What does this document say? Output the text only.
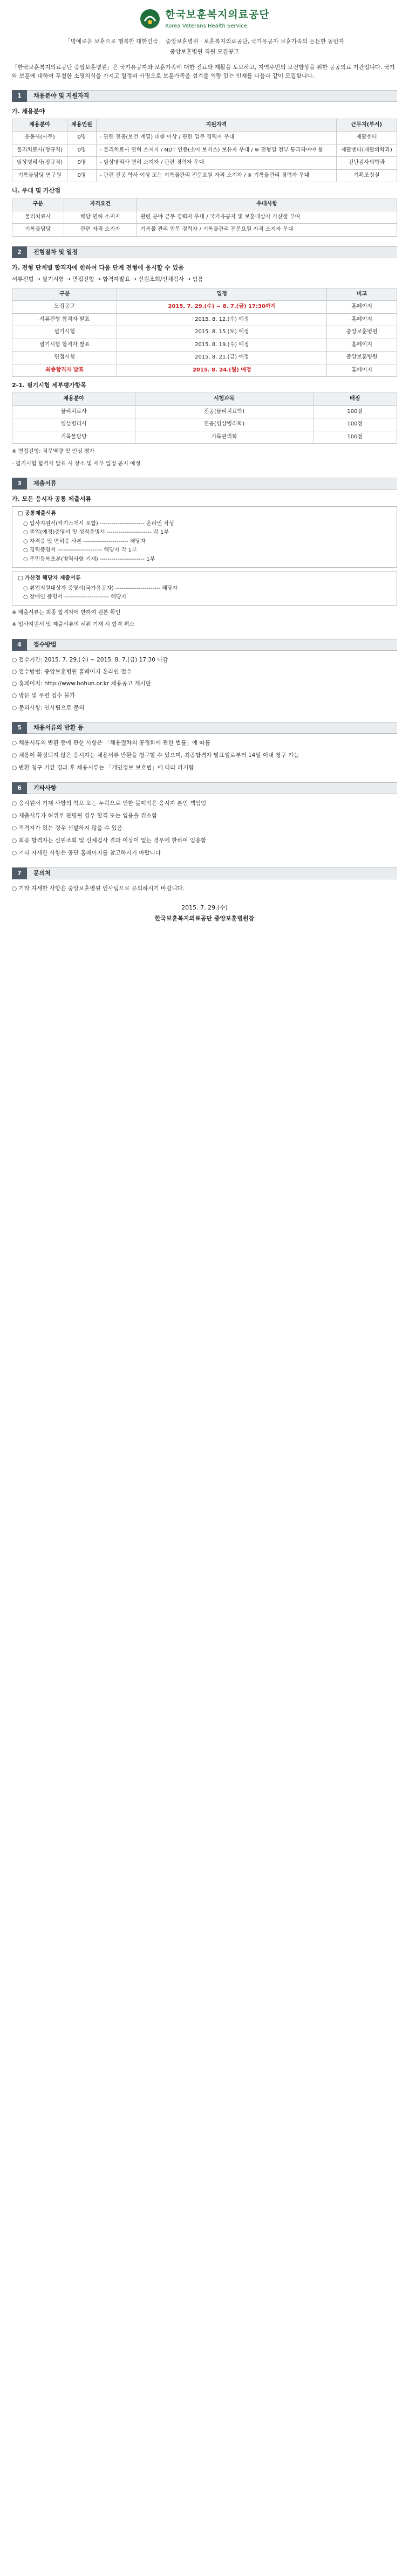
한국보훈복지의료공단
Korea Veterans Health Service
「명예로운 보훈으로 행복한 대한민국」 중앙보훈병원 · 보훈복지의료공단, 국가유공자 보훈가족의 든든한 동반자
중앙보훈병원 직원 모집공고
「한국보훈복지의료공단 중앙보훈병원」은 국가유공자와 보훈가족에 대한 진료와 재활을 도모하고, 지역주민의 보건향상을 위한 공공의료 기관입니다. 국가와 보훈에 대하여 투철한 소명의식을 가지고 열정과 사명으로 보훈가족을 섬겨줄 역량 있는 인재를 다음과 같이 모집합니다.
1	채용분야 및 지원자격
가. 채용분야
채용분야	채용인원	지원자격	근무지(부서)
운동사(사무)	0명	- 관련 전공(보건 계열) 대졸 이상 / 관련 업무 경력자 우대	재활센터
물리치료사(정규직)	0명	- 물리치료사 면허 소지자 / NDT 인증(소아 보바스) 보유자 우대 / ※ 전형별 전부 통과하여야 함	재활센터(재활의학과)
임상병리사(정규직)	0명	- 임상병리사 면허 소지자 / 관련 경력자 우대	진단검사의학과
기록물담당 연구원	0명	- 관련 전공 학사 이상 또는 기록물관리 전문요원 자격 소지자 / ※ 기록물관리 경력자 우대	기획조정실
나. 우대 및 가산점
구분	자격요건	우대사항
물리치료사	해당 면허 소지자	관련 분야 근무 경력자 우대 / 국가유공자 및 보훈대상자 가산점 부여
기록물담당	관련 자격 소지자	기록물 관리 업무 경력자 / 기록물관리 전문요원 자격 소지자 우대
2	전형절차 및 일정
가. 전형 단계별 합격자에 한하여 다음 단계 전형에 응시할 수 있음
서류전형 → 필기시험 → 면접전형 → 합격자발표 → 신원조회/신체검사 → 임용
구분	일정	비고
모집공고	2015. 7. 29.(수) ~ 8. 7.(금) 17:30까지	홈페이지
서류전형 합격자 발표	2015. 8. 12.(수) 예정	홈페이지
필기시험	2015. 8. 15.(토) 예정	중앙보훈병원
필기시험 합격자 발표	2015. 8. 19.(수) 예정	홈페이지
면접시험	2015. 8. 21.(금) 예정	중앙보훈병원
최종합격자 발표	2015. 8. 24.(월) 예정	홈페이지
2-1. 필기시험 세부평가항목
채용분야	시험과목	배점
물리치료사	전공(물리치료학)	100점
임상병리사	전공(임상병리학)	100점
기록물담당	기록관리학	100점
※ 면접전형: 직무역량 및 인성 평가
- 필기시험 합격자 발표 시 장소 및 세부 일정 공지 예정
3	제출서류
가. 모든 응시자 공통 제출서류
□ 공통제출서류
○ 입사지원서(자기소개서 포함) ----------------------- 온라인 작성
○ 졸업(예정)증명서 및 성적증명서 ----------------------- 각 1부
○ 자격증 및 면허증 사본 ----------------------- 해당자
○ 경력증명서 ----------------------- 해당자 각 1부
○ 주민등록초본(병역사항 기재) ----------------------- 1부
□ 가산점 해당자 제출서류
○ 취업지원대상자 증명서(국가유공자) ----------------------- 해당자
○ 장애인 증명서 ----------------------- 해당자
※ 제출서류는 최종 합격자에 한하여 원본 확인
※ 입사지원서 및 제출서류의 허위 기재 시 합격 취소
4	접수방법
○ 접수기간: 2015. 7. 29.(수) ~ 2015. 8. 7.(금) 17:30 마감
○ 접수방법: 중앙보훈병원 홈페이지 온라인 접수
○ 홈페이지: http://www.bohun.or.kr 채용공고 게시판
○ 방문 및 우편 접수 불가
○ 문의사항: 인사팀으로 문의
5	채용서류의 반환 등
○ 채용서류의 반환 등에 관한 사항은 「채용절차의 공정화에 관한 법률」에 따름
○ 채용이 확정되지 않은 응시자는 채용서류 반환을 청구할 수 있으며, 최종합격자 발표일로부터 14일 이내 청구 가능
○ 반환 청구 기간 경과 후 채용서류는 「개인정보 보호법」에 따라 파기함
6	기타사항
○ 응시원서 기재 사항의 착오 또는 누락으로 인한 불이익은 응시자 본인 책임임
○ 제출서류가 허위로 판명될 경우 합격 또는 임용을 취소함
○ 적격자가 없는 경우 선발하지 않을 수 있음
○ 최종 합격자는 신원조회 및 신체검사 결과 이상이 없는 경우에 한하여 임용함
○ 기타 자세한 사항은 공단 홈페이지를 참고하시기 바랍니다
7	문의처
○ 기타 자세한 사항은 중앙보훈병원 인사팀으로 문의하시기 바랍니다.
2015. 7. 29.(수)
한국보훈복지의료공단 중앙보훈병원장
